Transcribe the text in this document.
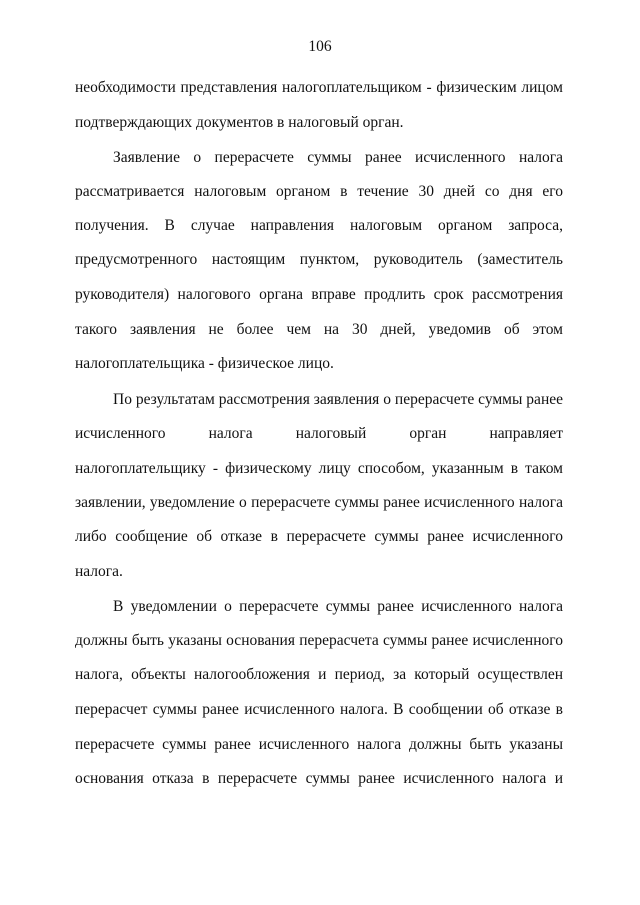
106
необходимости представления налогоплательщиком - физическим лицом
подтверждающих документов в налоговый орган.
Заявление о перерасчете суммы ранее исчисленного налога
рассматривается налоговым органом в течение 30 дней со дня его
получения. В случае направления налоговым органом запроса,
предусмотренного настоящим пунктом, руководитель (заместитель
руководителя) налогового органа вправе продлить срок рассмотрения
такого заявления не более чем на 30 дней, уведомив об этом
налогоплательщика - физическое лицо.
По результатам рассмотрения заявления о перерасчете суммы ранее
исчисленного налога налоговый орган направляет
налогоплательщику - физическому лицу способом, указанным в таком
заявлении, уведомление о перерасчете суммы ранее исчисленного налога
либо сообщение об отказе в перерасчете суммы ранее исчисленного
налога.
В уведомлении о перерасчете суммы ранее исчисленного налога
должны быть указаны основания перерасчета суммы ранее исчисленного
налога, объекты налогообложения и период, за который осуществлен
перерасчет суммы ранее исчисленного налога. В сообщении об отказе в
перерасчете суммы ранее исчисленного налога должны быть указаны
основания отказа в перерасчете суммы ранее исчисленного налога и
